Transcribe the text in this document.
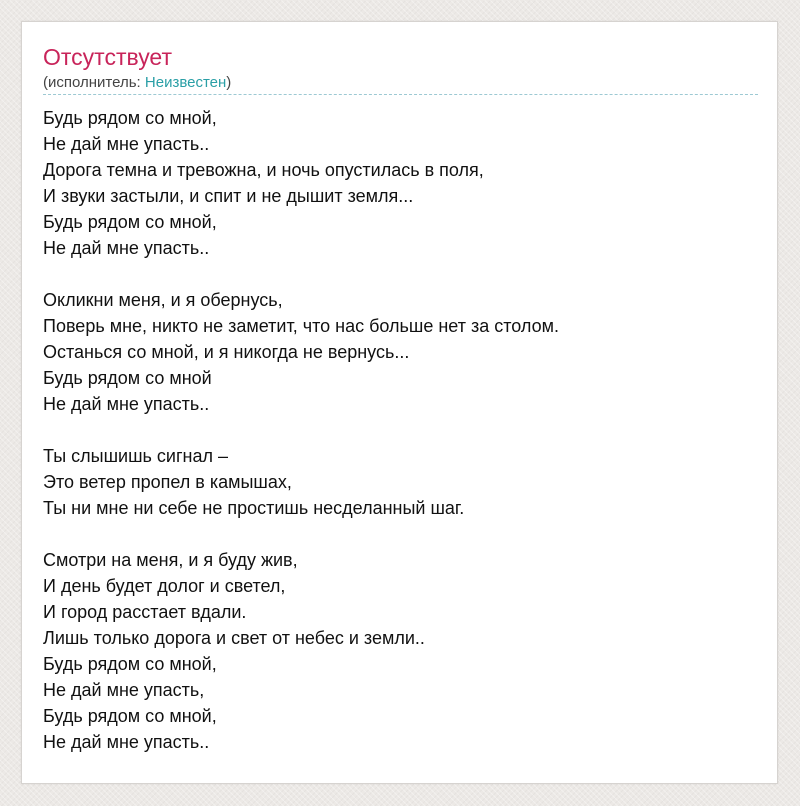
Отсутствует
(исполнитель: Неизвестен)
Будь рядом со мной,
Не дай мне упасть..
Дорога темна и тревожна, и ночь опустилась в поля,
И звуки застыли, и спит и не дышит земля...
Будь рядом со мной,
Не дай мне упасть..
Окликни меня, и я обернусь,
Поверь мне, никто не заметит, что нас больше нет за столом.
Останься со мной, и я никогда не вернусь...
Будь рядом со мной
Не дай мне упасть..
Ты слышишь сигнал –
Это ветер пропел в камышах,
Ты ни мне ни себе не простишь несделанный шаг.
Смотри на меня, и я буду жив,
И день будет долог и светел,
И город расстает вдали.
Лишь только дорога и свет от небес и земли..
Будь рядом со мной,
Не дай мне упасть,
Будь рядом со мной,
Не дай мне упасть..
